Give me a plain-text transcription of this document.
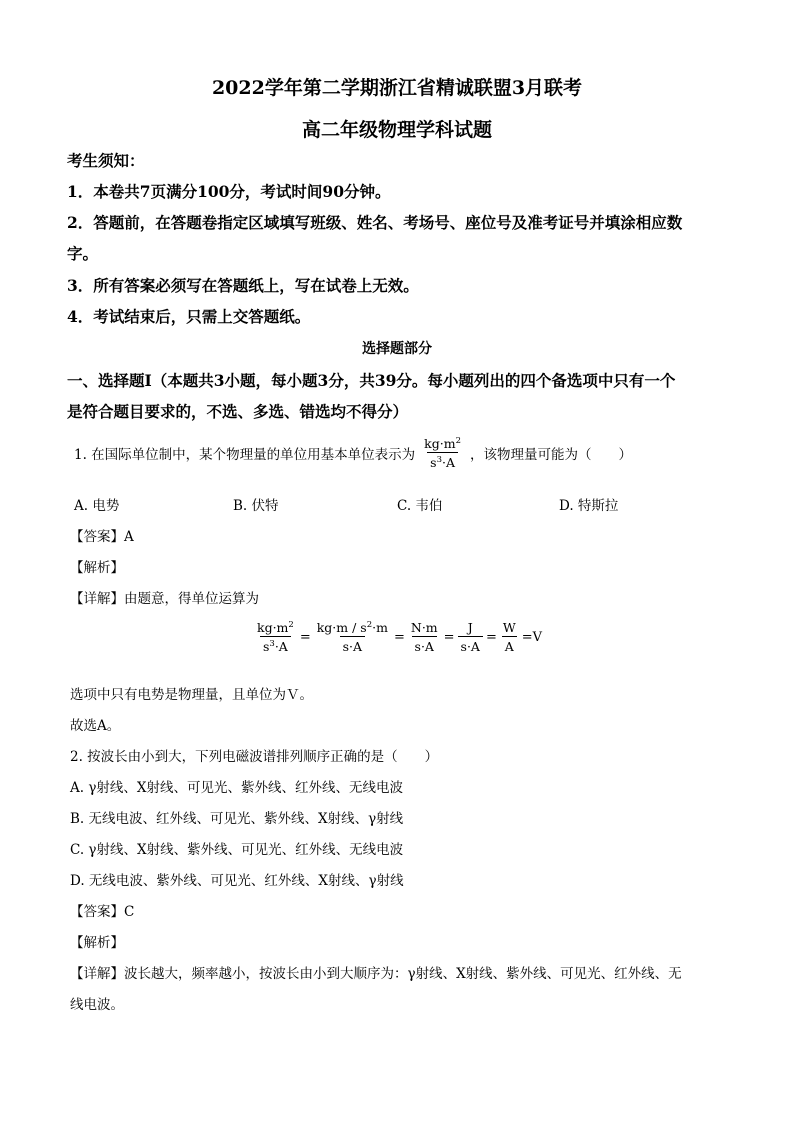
2022学年第二学期浙江省精诚联盟3月联考
高二年级物理学科试题
考生须知：
1．本卷共7页满分100分，考试时间90分钟。
2．答题前，在答题卷指定区域填写班级、姓名、考场号、座位号及准考证号并填涂相应数
字。
3．所有答案必须写在答题纸上，写在试卷上无效。
4．考试结束后，只需上交答题纸。
选择题部分
一、选择题Ⅰ（本题共3小题，每小题3分，共39分。每小题列出的四个备选项中只有一个
是符合题目要求的，不选、多选、错选均不得分）
1. 在国际单位制中，某个物理量的单位用基本单位表示为 $\frac{kg\cdot m^2}{s^3\cdot A}$ ，该物理量可能为（　　）
A. 电势	B. 伏特	C. 韦伯	D. 特斯拉
【答案】A
【解析】
【详解】由题意，得单位运算为
$\frac{kg\cdot m^2}{s^3\cdot A} = \frac{kg\cdot m / s^2\cdot m}{s\cdot A} = \frac{N\cdot m}{s\cdot A} = \frac{J}{s\cdot A} = \frac{W}{A} =V$
选项中只有电势是物理量，且单位为Ｖ。
故选A。
2. 按波长由小到大，下列电磁波谱排列顺序正确的是（　　）
A. γ射线、X射线、可见光、紫外线、红外线、无线电波
B. 无线电波、红外线、可见光、紫外线、X射线、γ射线
C. γ射线、X射线、紫外线、可见光、红外线、无线电波
D. 无线电波、紫外线、可见光、红外线、X射线、γ射线
【答案】C
【解析】
【详解】波长越大，频率越小，按波长由小到大顺序为：γ射线、X射线、紫外线、可见光、红外线、无
线电波。
